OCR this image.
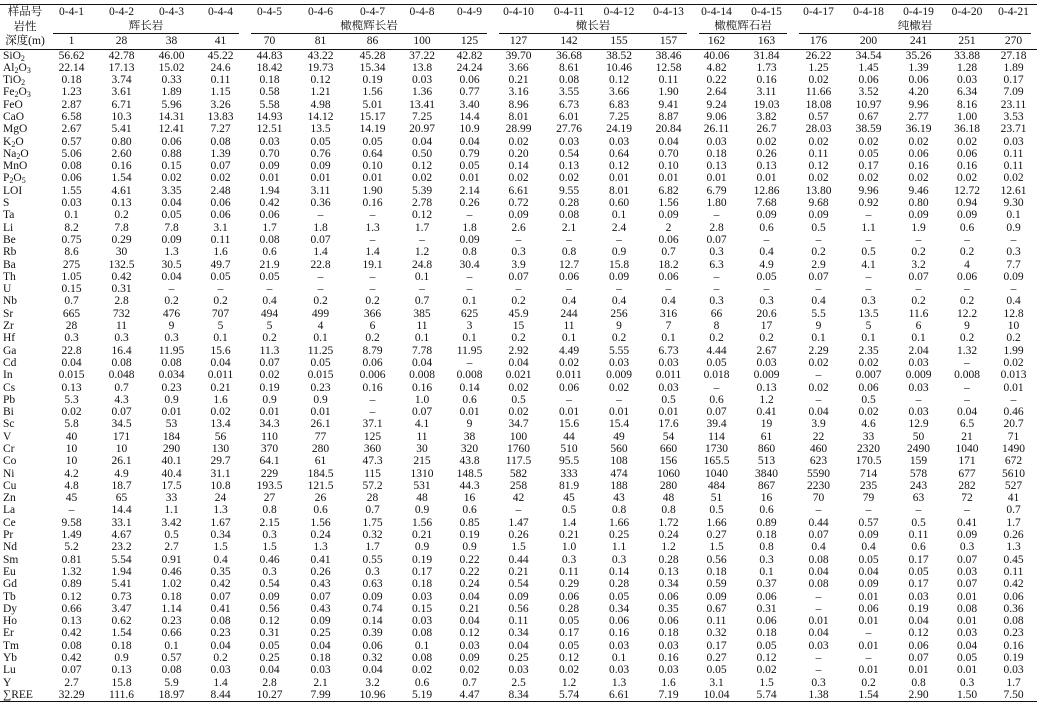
样品号	0-4-1	0-4-2	0-4-3	0-4-4	0-4-5	0-4-6	0-4-7	0-4-8	0-4-9	0-4-10	0-4-11	0-4-12	0-4-13	0-4-14	0-4-15	0-4-17	0-4-18	0-4-19	0-4-20	0-4-21
岩性	辉长岩				橄榄辉长岩					橄长岩				橄榄辉石岩		纯橄岩				

深度(m)	1	28	38	41	70	81	86	100	125	127	142	155	157	162	163	176	200	241	251	270
SiO$_2$	56.62	42.78	46.00	45.22	44.83	43.22	45.28	37.22	42.82	39.70	36.68	38.52	38.46	40.06	31.84	26.22	34.54	35.26	33.88	27.18
$Al_2O_3$	22.14	17.13	15.02	24.6	18.42	19.73	15.34	13.8	24.24	3.66	8.61	10.46	12.58	4.82	1.73	1.25	1.45	1.39	1.28	1.89
TiO$_2$	0.18	3.74	0.33	0.11	0.18	0.12	0.19	0.03	0.06	0.21	0.08	0.12	0.11	0.22	0.16	0.02	0.06	0.06	0.03	0.17
$Fe_2O_3$	1.23	3.61	1.89	1.15	0.58	1.21	1.56	1.36	0.77	3.16	3.55	3.66	1.90	2.64	3.11	11.66	3.52	4.20	6.34	7.09
FeO	2.87	6.71	5.96	3.26	5.58	4.98	5.01	13.41	3.40	8.96	6.73	6.83	9.41	9.24	19.03	18.08	10.97	9.96	8.16	23.11
CaO	6.58	10.3	14.31	13.83	14.93	14.12	15.17	7.25	14.4	8.01	6.01	7.25	8.87	9.06	3.82	0.57	0.67	2.77	1.00	3.53
MgO	2.67	5.41	12.41	7.27	12.51	13.5	14.19	20.97	10.9	28.99	27.76	24.19	20.84	26.11	26.7	28.03	38.59	36.19	36.18	23.71
$K_2O$	0.57	0.80	0.06	0.08	0.03	0.05	0.05	0.04	0.04	0.02	0.03	0.03	0.04	0.03	0.02	0.02	0.02	0.02	0.02	0.03
$Na_2O$	5.06	2.60	0.88	1.39	0.70	0.76	0.64	0.50	0.79	0.20	0.54	0.64	0.70	0.18	0.26	0.11	0.05	0.06	0.06	0.11
MnO	0.08	0.16	0.15	0.07	0.09	0.09	0.10	0.12	0.05	0.14	0.13	0.12	0.10	0.13	0.13	0.12	0.17	0.16	0.16	0.11
$P_2O_5$	0.06	1.54	0.02	0.02	0.01	0.01	0.01	0.02	0.01	0.02	0.02	0.01	0.01	0.01	0.01	0.02	0.02	0.02	0.02	0.02
LOI	1.55	4.61	3.35	2.48	1.94	3.11	1.90	5.39	2.14	6.61	9.55	8.01	6.82	6.79	12.86	13.80	9.96	9.46	12.72	12.61
S	0.03	0.13	0.04	0.06	0.42	0.36	0.16	2.78	0.26	0.72	0.28	0.60	1.56	1.80	7.68	9.68	0.92	0.80	0.94	9.30
Ta	0.1	0.2	0.05	0.06	0.06	–	–	0.12	–	0.09	0.08	0.1	0.09	–	0.09	0.09	–	0.09	0.09	0.1
Li	8.2	7.8	7.8	3.1	1.7	1.8	1.3	1.7	1.8	2.6	2.1	2.4	2	2.8	0.6	0.5	1.1	1.9	0.6	0.9
Be	0.75	0.29	0.09	0.11	0.08	0.07	–	–	0.09	–	–	–	0.06	0.07	–	–	–	–	–	–
Rb	8.6	30	1.3	1.6	0.6	1.4	1.4	1.2	0.8	0.3	0.8	0.9	0.7	0.3	0.4	0.2	0.5	0.2	0.2	0.3
Ba	275	132.5	30.5	49.7	21.9	22.8	19.1	24.8	30.4	3.9	12.7	15.8	18.2	6.3	4.9	2.9	4.1	3.2	4	7.7
Th	1.05	0.42	0.04	0.05	0.05	–	–	0.1	–	0.07	0.06	0.09	0.06	–	0.05	0.07	–	0.07	0.06	0.09
U	0.15	0.31	–	–	–	–	–	–	–	–	–	–	–	–	–	–	–	–	–	–
Nb	0.7	2.8	0.2	0.2	0.4	0.2	0.2	0.7	0.1	0.2	0.4	0.4	0.4	0.3	0.3	0.4	0.3	0.2	0.2	0.4
Sr	665	732	476	707	494	499	366	385	625	45.9	244	256	316	66	20.6	5.5	13.5	11.6	12.2	12.8
Zr	28	11	9	5	5	4	6	11	3	15	11	9	7	8	17	9	5	6	9	10
Hf	0.3	0.3	0.3	0.1	0.2	0.1	0.2	0.1	0.1	0.2	0.1	0.2	0.1	0.2	0.2	0.1	0.1	0.1	0.2	0.2
Ga	22.8	16.4	11.95	15.6	11.3	11.25	8.79	7.78	11.95	2.92	4.49	5.55	6.73	4.44	2.67	2.29	2.35	2.04	1.32	1.99
Cd	0.04	0.08	0.08	0.04	0.07	0.05	0.06	0.04	–	0.04	0.02	0.03	0.03	0.05	0.03	0.02	0.02	0.03	–	0.02
In	0.015	0.048	0.034	0.011	0.02	0.015	0.006	0.008	0.008	0.021	0.011	0.009	0.011	0.018	0.009	–	0.007	0.009	0.008	0.013
Cs	0.13	0.7	0.23	0.21	0.19	0.23	0.16	0.16	0.14	0.02	0.06	0.02	0.03	–	0.13	0.02	0.06	0.03	–	0.01
Pb	5.3	4.3	0.9	1.6	0.9	0.9	–	1.0	0.6	0.5	–	–	0.5	0.6	1.2	–	0.5	–	–	–
Bi	0.02	0.07	0.01	0.02	0.01	0.01	–	0.07	0.01	0.02	0.01	0.01	0.01	0.07	0.41	0.04	0.02	0.03	0.04	0.46
Sc	5.8	34.5	53	13.4	34.3	26.1	37.1	4.1	9	34.7	15.6	15.4	17.6	39.4	19	3.9	4.6	12.9	6.5	20.7
V	40	171	184	56	110	77	125	11	38	100	44	49	54	114	61	22	33	50	21	71
Cr	10	10	290	130	370	280	360	30	320	1760	510	560	660	1730	860	460	2320	2490	1040	1490
Co	10	26.1	40.1	29.7	64.1	61	47.3	215	43.8	117.5	95.5	108	156	165.5	513	623	170.5	159	171	672
Ni	4.2	4.9	40.4	31.1	229	184.5	115	1310	148.5	582	333	474	1060	1040	3840	5590	714	578	677	5610
Cu	4.8	18.7	17.5	10.8	193.5	121.5	57.2	531	44.3	258	81.9	188	280	484	867	2230	235	243	282	527
Zn	45	65	33	24	27	26	28	48	16	42	45	43	48	51	16	70	79	63	72	41
La	–	14.4	1.1	1.3	0.8	0.6	0.7	0.9	0.6	–	0.5	0.8	0.8	0.5	0.6	–	–	–	–	0.7
Ce	9.58	33.1	3.42	1.67	2.15	1.56	1.75	1.56	0.85	1.47	1.4	1.66	1.72	1.66	0.89	0.44	0.57	0.5	0.41	1.7
Pr	1.49	4.67	0.5	0.34	0.3	0.24	0.32	0.21	0.19	0.26	0.21	0.25	0.24	0.27	0.18	0.07	0.09	0.11	0.09	0.26
Nd	5.2	23.2	2.7	1.5	1.5	1.3	1.7	0.9	0.9	1.5	1.0	1.1	1.2	1.5	0.8	0.4	0.4	0.6	0.3	1.3
Sm	0.81	5.54	0.91	0.4	0.46	0.41	0.55	0.19	0.22	0.44	0.3	0.3	0.28	0.56	0.3	0.08	0.05	0.17	0.07	0.45
Eu	1.32	1.94	0.46	0.35	0.3	0.26	0.3	0.17	0.22	0.21	0.11	0.14	0.13	0.18	0.1	0.04	0.04	0.05	0.03	0.11
Gd	0.89	5.41	1.02	0.42	0.54	0.43	0.63	0.18	0.24	0.54	0.29	0.28	0.34	0.59	0.37	0.08	0.09	0.17	0.07	0.42
Tb	0.12	0.73	0.18	0.07	0.09	0.07	0.09	0.03	0.04	0.09	0.06	0.05	0.06	0.09	0.06	–	0.01	0.03	0.01	0.06
Dy	0.66	3.47	1.14	0.41	0.56	0.43	0.74	0.15	0.21	0.56	0.28	0.34	0.35	0.67	0.31	–	0.06	0.19	0.08	0.36
Ho	0.13	0.62	0.23	0.08	0.12	0.09	0.14	0.03	0.04	0.11	0.05	0.06	0.06	0.11	0.06	0.01	0.01	0.04	0.01	0.08
Er	0.42	1.54	0.66	0.23	0.31	0.25	0.39	0.08	0.12	0.34	0.17	0.16	0.18	0.32	0.18	0.04	–	0.12	0.03	0.23
Tm	0.08	0.18	0.1	0.04	0.05	0.04	0.06	0.1	0.03	0.04	0.05	0.03	0.03	0.17	0.05	0.03	0.01	0.06	0.04	0.16
Yb	0.42	0.9	0.57	0.2	0.25	0.18	0.32	0.08	0.09	0.25	0.12	0.1	0.16	0.27	0.12	–	–	0.07	0.05	0.19
Lu	0.07	0.13	0.08	0.03	0.04	0.03	0.04	0.02	0.02	0.03	0.02	0.03	0.03	0.05	0.02	–	0.01	0.01	0.01	0.03
Y	2.7	15.8	5.9	1.4	2.8	2.1	3.2	0.6	0.7	2.5	1.2	1.3	1.6	3.1	1.5	0.3	0.2	0.8	0.3	1.7
∑REE	32.29	111.6	18.97	8.44	10.27	7.99	10.96	5.19	4.47	8.34	5.74	6.61	7.19	10.04	5.74	1.38	1.54	2.90	1.50	7.50
